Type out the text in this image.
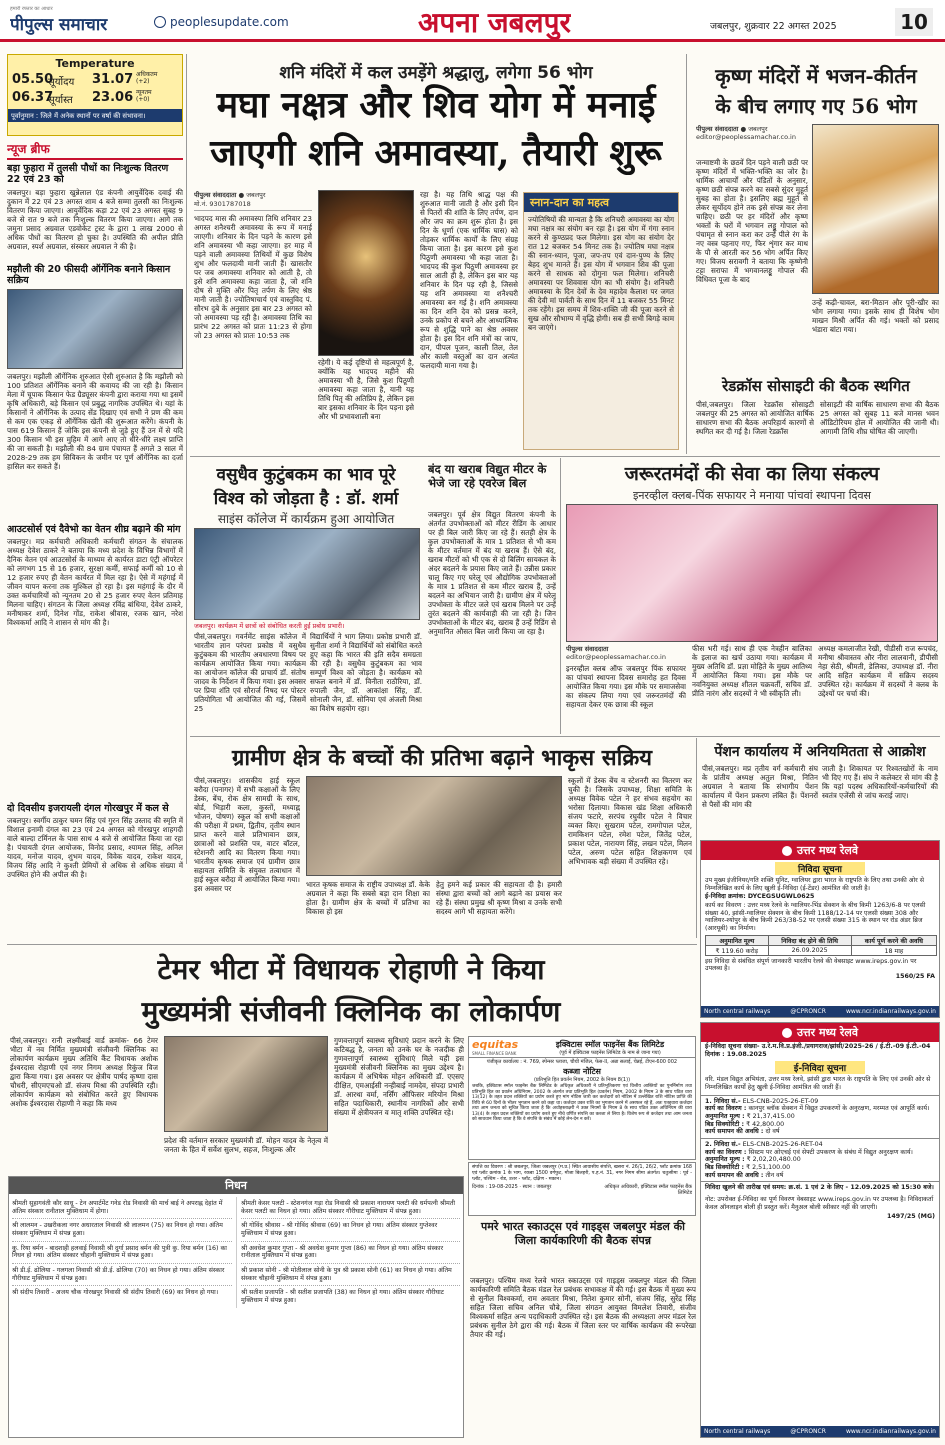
हमारी रफ्तार का आधार
पीपुल्स समाचार	peoplesupdate.com	अपना जबलपुर	जबलपुर, शुक्रवार 22 अगस्त 2025	10
Temperature
05.50
सूर्योदय	31.07 अधिकतम
(+2)
06.37
सूर्यास्त	23.06 न्यूनतम
(+0)
पूर्वानुमान : जिले में अनेक स्थानों पर वर्षा की संभावना।
न्यूज ब्रीफ
बड़ा फुहारा में तुलसी पौधों का निःशुल्क वितरण 22 एवं 23 को
जबलपुर। बड़ा फुहारा खुन्नेलाल एंड कंपनी आयुर्वेदिक दवाई की दुकान में 22 एवं 23 अगस्त शाम 4 बजे सम्मा तुलसी का निःशुल्क वितरण किया जाएगा। आयुर्वेदिक कड़ा 22 एवं 23 अगस्त सुबह 9 बजे से रात 9 बजे तक निःशुल्क वितरण किया जाएगा। आगे तक जमुना प्रसाद अग्रवाल एडवोकेट ट्रस्ट के द्वारा 1 लाख 2000 से अधिक पौधों का वितरण हो चुका है। उपस्थिति की अपील प्रीति अग्रवाल, स्पर्श अग्रवाल, संस्कार अग्रवाल ने की है।
मझौली की 20 फीसदी ऑर्गेनिक बनाने किसान सक्रिय
जबलपुर। मझौली ऑर्गेनिक शुरुआत ऐसी शुरुआत है कि मझौली को 100 प्रतिशत ऑर्गेनिक बनाने की कवायद की जा रही है। किसान मेला में चूपाक किसान फेड ग्रैड्यूसर कंपनी द्वारा कराया गया था इसमें कृषि अधिकारी, बड़े किसान एवं प्रबुद्ध नागरिक उपस्थित थे। यहां के किसानों ने ऑर्गेनिक के उत्पाद सेंड दिखाए एवं सभी ने प्रण की कम से कम एक एकड़ से ऑर्गेनिक खेती की शुरूआत करेंगे। कंपनी के पास 619 किसान हैं जोकि इस कंपनी से जुड़े हुए हैं उन में से यदि 300 किसान भी इस मुहिम में आगे आए तो धीरे-धीरे लक्ष्य प्राप्ति की जा सकती है। मझौली की 84 ग्राम पंचायत हैं अगले 3 साल में 2028-29 तक हम सिविकन के जमीन पर पूर्ण ऑर्गेनिक का दर्जा हासिल कर सकते हैं।
आउटसोर्स एवं दैवेभो का वेतन शीघ्र बढ़ाने की मांग
जबलपुर। मप्र कर्मचारी अधिकारी कर्मचारी संगठन के संचालक अध्यक्ष देवेश ठाकरे ने बताया कि मध्य प्रदेश के विभिन्न विभागों में दैनिक वेतन एवं आउटसोर्स के माध्यम से कार्यरत डाटा एंट्री ऑपरेटर को लगभग 15 से 16 हजार, सुरक्षा कर्मी, सफाई कर्मी को 10 से 12 हजार रुपए ही वेतन कार्यरत में मिल रहा है। ऐसे में महंगाई में जीवन यापन करना तक मुश्किल हो रहा है। इस महंगाई के दौर में उक्त कर्मचारियों को न्यूनतम 20 से 25 हजार रुपए वेतन प्रतिमाह मिलना चाहिए। संगठन के जिला अध्यक्ष रविंद्र बांधिया, देवेश ठाकरे, मनीषाकर शर्मा, दिनेश गोंड, राकेश श्रीवास, रजक खान, नरेश विश्वकर्मा आदि ने शासन से मांग की है।
दो दिवसीय इजरायली दंगल गोरखपुर में कल से
जबलपुर। स्वर्गीय ठाकुर चमन सिंह एवं गुरन सिंह उस्ताद की स्मृति में विशाल इनामी दंगल का 23 एवं 24 अगस्त को गोरखपुर शाहगदी वाले बाल्दा टर्मिनल के पास साथ 4 बजे से आयोजित किया जा रहा है। पंचायती दंगल आयोजक, विनोद प्रसाद, श्यामल सिंह, अनिल यादव, मनोज यादव, शुभम यादव, विवेक यादव, राकेश यादव, विजय सिंह आदि ने कुश्ती प्रेमियों से अधिक से अधिक संख्या में उपस्थित होने की अपील की है।
शनि मंदिरों में कल उमड़ेंगे श्रद्धालु, लगेगा 56 भोग
मघा नक्षत्र और शिव योग में मनाई
जाएगी शनि अमावस्या, तैयारी शुरू
पीपुल्स संवाददाता ● जबलपुर
मो.नं. 9301787018
भादपद मास की अमावस्या तिथि शनिवार 23 अगस्त शनैश्चरी अमावस्या के रूप में मनाई जाएगी। शनिवार के दिन पड़ने के कारण इसे शनि अमावस्या भी कहा जाएगा। हर माह में पड़ने वाली अमावस्या तिथियों में कुछ विशेष शुभ और फलदायी मानी जाती हैं। खासतौर पर जब अमावस्या शनिवार को आती है, तो इसे शनि अमावस्या कहा जाता है, जो शनि दोष से मुक्ति और पितृ तर्पण के लिए श्रेष्ठ मानी जाती है। ज्योतिषाचार्य एवं वास्तुविद पं. सौरभ दुबे के अनुसार इस बार 23 अगस्त को जो अमावस्या पड़ रही है। अमावस्या तिथि का प्रारंभ 22 अगस्त को प्रातः 11:23 से होगा जो 23 अगस्त को प्रातः 10:53 तक
रहेगी। ये कई दृष्टियों से महत्वपूर्ण है, क्योंकि यह भादपद महीने की अमावस्या भी है, जिसे कुश पिठूणी अमावस्या कहा जाता है, यानी यह तिथि पितृ की अतिप्रिय है, लेकिन इस बार इसका शनिवार के दिन पड़ना इसे और भी प्रभावशाली बना
रहा है। यह तिथि श्राद्ध पक्ष की शुरुआत मानी जाती है और इसी दिन से पितरों की शांति के लिए तर्पण, दान और जप का क्रम शुरू होता है। इस दिन के धूर्णा (एक धार्मिक घास) को तोड़कर धार्मिक कार्यों के लिए संग्रह किया जाता है। इस कारण इसे कुश पिठूणी अमावस्या भी कहा जाता है। भादपद की कुश पिठूणी अमावस्या हर साल आती ही है, लेकिन इस बार यह शनिवार के दिन पड़ रही है, जिससे यह शनि अमावस्या या शनैश्चरी अमावस्या बन गई है। शनि अमावस्या का दिन शनि देव को प्रसन्न करने, उनके प्रकोप से बचने और आध्यात्मिक रूप से शुद्धि पाने का श्रेष्ठ अवसर होता है। इस दिन शनि मंत्रों का जाप, दान, पीपल पूजन, काली तिल, तेल और काली वस्तुओं का दान अत्यंत फलदायी माना गया है।
स्नान-दान का महत्व
ज्योतिषियों की मान्यता है कि शनिचरी अमावस्या का योग मघा नक्षत्र का संयोग बन रहा है। इस योग में गंगा स्नान करने से कुण्ठप्रद फल मिलेगा। इस योग का संयोग देर रात 12 बजकर 54 मिनट तक है। ज्योतिष मघा नक्षत्र की स्नान-ध्यान, पूजा, जप-तप एवं दान-पुण्य के लिए बेहद शुभ मानते हैं। इस योग में भगवान शिव की पूजा करने से साधक को दोगुना फल मिलेगा। शनिचरी अमावस्या पर शिववास योग का भी संयोग है। शनिचरी अमावस्या के दिन देवों के देव महादेव कैलाश पर जगत की देवी मां पार्वती के साथ दिन में 11 बजकर 55 मिनट तक रहेंगे। इस समय में शिव-शक्ति जी की पूजा करने से सुख और सौभाग्य में वृद्धि होगी। सब ही सभी बिगड़े काम बन जाएंगे।
कृष्ण मंदिरों में भजन-कीर्तन
के बीच लगाए गए 56 भोग
पीपुल्स संवाददाता ● जबलपुर
editor@peoplessamachar.co.in
जन्माष्टमी के छठवें दिन पड़ने वाली छठी पर कृष्ण मंदिरों में भक्ति-भक्ति का जोर है। धार्मिक आचार्यों और पंडितों के अनुसार, कृष्ण छठी संपन्न करने का सबसे सुंदर मुहूर्त सुबह का होता है। इसलिए ब्रह्म मुहूर्त से लेकर सूर्योदय होने तक इसे संपन्न कर लेना चाहिए। छठी पर हर मंदिरों और कृष्ण भक्तों के घरों में भगवान लड्डू गोपाल को पंचामृत से स्नान करा कर उन्हें पीले रंग के नए वस्त्र पहनाए गए, फिर शृंगार कर माथ के पौ से आरती कर 56 भोग अर्पित किए गए। विजय सरावगी ने बताया कि कृष्णेनी टट्टा सराफा में भगवानलड्डू गोपाल की विधिवत पूजा के बाद
उन्हें कढ़ी-चावल, बरा-मिठान और पूरी-खीर का भोग लगाया गया। इसके साथ ही विशेष भोग माखन मिश्री अर्पित की गई। भक्तों को प्रसाद भंडारा बांटा गया।
रेडक्रॉस सोसाइटी की बैठक स्थगित
पीसं,जबलपुर। जिला रेडक्रॉस सोसाइटी जबलपुर की 25 अगस्त को आयोजित वार्षिक साधारण सभा की बैठक अपरिहार्य कारणों से स्थगित कर दी गई है। जिला रेडक्रॉस
सोसाइटी की वार्षिक साधारण सभा की बैठक 25 अगस्त को सुबह 11 बजे मानस भवन ऑडिटोरियम होल में आयोजित की जानी थी। आगामी तिथि शीघ्र घोषित की जाएगी।
वसुधैव कुटुंबकम का भाव पूरे
विश्व को जोड़ता है : डॉ. शर्मा
साइंस कॉलेज में कार्यक्रम हुआ आयोजित
जबलपुर। कार्यक्रम में छात्रों को संबोधित करती हुईं प्रबोध प्रभारी।
पीसं,जबलपुर। गवर्नमेंट साइंस कॉलेज में भारतीय ज्ञान परंपरा प्रकोष्ठ में वसुधैव कुटुंबकम की भारतीय अवधारणा विषय पर कार्यक्रम आयोजित किया गया। कार्यक्रम का आयोजन कॉलेज की प्राचार्य डॉ. संतोष जादव के निर्देशन में किया गया। इस अवसर पर प्रिया शंति एवं सौरार्ज निषद पर पोस्टर प्रतियोगिता भी आयोजित की गई, जिसमें 25
विद्यार्थियों ने भाग लिया। प्रकोष्ठ प्रभारी डॉ. सुनीता शर्मा ने विद्यार्थियों को संबोधित करते हुए कहा कि भारत की इति सदैव समग्रता की रही है। वसुधैव कुटुंबकम का भाव सम्पूर्ण विश्व को जोड़ता है। कार्यक्रम को सफल बनाने में डॉ. विनीता राठौरिया, डॉ. रुपाली जैन, डॉ. आकांक्षा सिंह, डॉ. सोनाली जैन, डॉ. सोनिया एवं अंजली मिश्रा का विशेष सहयोग रहा।
बंद या खराब विद्युत मीटर के भेजे जा रहे एवरेज बिल
जबलपुर। पूर्व क्षेत्र विद्युत वितरण कंपनी के अंतर्गत उपभोक्ताओं को मीटर रीडिंग के आधार पर ही बिल जारी किए जा रहे हैं। सतही क्षेत्र के कुल उपभोक्ताओं के मात्र 1 प्रतिशत से भी कम के मीटर वर्तमान में बंद या खराब हैं। ऐसे बंद, खराब मीटरों को भी एक से दो बिलिंग सायकल के अंदर बदलने के प्रयास किए जाते हैं। उन्नीस प्रकार चालू किए गए घरेलू एवं औद्योगिक उपभोक्ताओं के मात्र 1 प्रतिशत से कम मीटर खराब हैं, उन्हें बदलने का अभियान जारी है। ग्रामीण क्षेत्र में घरेलू उपभोक्ता के मीटर जले एवं खराब मिलने पर उन्हें तुरंत बदलने की कार्यवाही की जा रही है। जिन उपभोक्ताओं के मीटर बंद, खराब हैं उन्हें रिडिंग से अनुमानित औसत बिल जारी किया जा रहा है।
जरूरतमंदों की सेवा का लिया संकल्प
इनरव्हील क्लब-पिंक सफायर ने मनाया पांचवां स्थापना दिवस
पीपुल्स संवाददाता
editor@peoplessamachar.co.in
इनरव्हील क्लब ऑफ जबलपुर पिंक सफायर का पांचवां स्थापना दिवस समारोह हत दिवस आयोजित किया गया। इस मौके पर समाजसेवा का संकल्प लिया गया एवं जरूरतमंदों की सहायता देकर एक छात्रा की स्कूल
फीस भरी गई। साथ ही एक नेत्रहीन बालिका के इलाज का खर्च उठाया गया। कार्यक्रम में मुख्य अतिथि डॉ. प्रज्ञा मोहिते के मुख्य आतिथ्य में आयोजित किया गया। इस मौके पर नवनियुक्त अध्यक्ष शीतल चक्रवर्ती, सचिव डॉ. प्रीति नारंग और सदस्यों ने भी स्वीकृति ली।
अध्यक्ष कमलाजीत रेखी, पीडीसी राज रूपचंद, मनीषा श्रीवास्तव और नीरा लालवानी, डीपीसी नेहा सेठी, श्रीमती, डेलिका, उपाध्यक्ष डॉ. नीरा आदि सहित कार्यक्रम में सक्रिय सदस्य उपस्थित रहे। कार्यक्रम में सदस्यों ने क्लब के उद्देश्यों पर चर्चा की।
ग्रामीण क्षेत्र के बच्चों की प्रतिभा बढ़ाने भाकृस सक्रिय
पीसं,जबलपुर। शासकीय हाई स्कूल बरौदा (पनागर) में सभी कक्षाओं के लिए डेस्क, बेंच, रोक क्षेत्र सामग्री के साथ, बोर्ड, भिड़ारी कला, कुस्तों, मध्याह्न भोजन, पोषण) स्कूल को सभी कक्षाओं की परीक्षा में प्रथम, द्वितीय, तृतीय स्थान प्राप्त करने वाले प्रतिभावान छात्र, छात्राओं को प्रशस्ति पत्र, वाटर बॉटल, स्टेशनरी आदि का वितरण किया गया। भारतीय कृषक समाज एवं ग्रामीण छात्र सहायता समिति के संयुक्त तत्वाधान में हाई स्कूल बरौदा में आयोजित किया गया। इस अवसर पर	भारत कृषक समाज के राष्ट्रीय उपाध्यक्ष डॉ. केके अग्रवाल ने कहा कि सबसे बड़ा दान शिक्षा का होता है। ग्रामीण क्षेत्र के बच्चों में प्रतिभा का विकास हो इस
हेतु हमने कई प्रकार की सहायता दी है। हमारी संस्था द्वारा बच्चों को आगे बढ़ाने का प्रयास कर रहे हैं। संस्था प्रमुख श्री कृष्ण मिश्रा व उनके सभी सदस्य आगे भी सहायता करेंगे।
स्कूलों में डेस्क बेंच व स्टेशनरी का वितरण कर चुकी है। जिसके उपाध्यक्ष, शिक्षा समिति के अध्यक्ष विवेक पटेल ने हर संभव सहयोग का भरोसा दिलाया। विकास खंड शिक्षा अधिकारी संजय फटारे, सरपंच रघुवीर पटेल ने विचार व्यक्त किए। सुखराम पटेल, रामगोपाल पटेल, रामकिशन पटेल, रमेश पटेल, जितेंद्र पटेल, प्रकाश पटेल, नारायण सिंह, लखन पटेल, मिलन पटेल, अरुण पटेल सहित शिक्षकगण एवं अभिभावक बड़ी संख्या में उपस्थित रहे।
पेंशन कार्यालय में अनियमितता से आक्रोश
पीसं,जबलपुर। मप्र तृतीय वर्ग कर्मचारी संघ के प्रांतीय अध्यक्ष अतुल मिश्रा, नितिन अग्रवाल ने बताया कि संभागीय पेंशन कार्यालय में पेंशन प्रकरण लंबित हैं। पेंशनरों से पैसों की मांग की
जाती है। शिकायत पर रिश्वतखोरों के नाम भी दिए गए हैं। संघ ने कलेक्टर से मांग की है कि यहां पदस्थ अधिकारियों-कर्मचारियों की स्वतंत्र एजेंसी से जांच कराई जाए।
उत्तर मध्य रेलवे
निविदा सूचना
उप मुख्य इंजीनियर/गति शक्ति यूनिट, ग्वालियर द्वारा भारत के राष्ट्रपति के लिए तथा उनकी ओर से निम्नलिखित कार्य के लिए खुली ई-निविदा (ई-टेंडर) आमंत्रित की जाती है।
ई-निविदा क्रमांक: DYCEGSUGWL0625
कार्य का विवरण : उत्तर मध्य रेलवे के ग्वालियर-भिंड सेक्शन के बीच किमी 1263/6-8 पर एलसी संख्या 40, झांसी-ग्वालियर सेक्शन के बीच किमी 1188/12-14 पर एलसी संख्या 308 और ग्वालियर-श्योपुर के बीच किमी 263/38-52 पर एलसी संख्या 315 के स्थान पर रोड अंडर ब्रिज (आरयूबी) का निर्माण।
अनुमानित मूल्य	निविदा बंद होने की तिथि	कार्य पूर्ण करने की अवधि
₹ 119.60 करोड़	26.09.2025	18 माह
इस निविदा से संबंधित संपूर्ण जानकारी भारतीय रेलवे की वेबसाइट www.ireps.gov.in पर उपलब्ध है।
1560/25 FA
North central railways	@CPRONCR	www.ncr.indianrailways.gov.in
टेमर भीटा में विधायक रोहाणी ने किया
मुख्यमंत्री संजीवनी क्लिनिक का लोकार्पण
पीसं,जबलपुर। रानी लक्ष्मीबाई वार्ड क्रमांक- 66 टेमर भीटा में नव निर्मित मुख्यमंत्री संजीवनी क्लिनिक का लोकार्पण कार्यक्रम मुख्य अतिथि कैंट विधायक अशोक ईश्वरदास रोहाणी एवं नगर निगम अध्यक्ष रिकुंज विज द्वारा किया गया। इस अवसर पर क्षेत्रीय पार्षद कृष्णा दास चौधरी, सीएमएचओ डॉ. संजय मिश्रा की उपस्थिति रही। लोकार्पण कार्यक्रम को संबोधित करते हुए विधायक अशोक ईश्वरदास रोहाणी ने कहा कि मध्य
प्रदेश की वर्तमान सरकार मुख्यमंत्री डॉ. मोहन यादव के नेतृत्व में जनता के हित में सर्वेश सुलभ, सहज, निःशुल्क और
गुणवत्तापूर्ण स्वास्थ्य सुविधाएं प्रदान करने के लिए कटिबद्ध है, जनता को उनके घर के नजदीक ही गुणवत्तापूर्ण स्वास्थ्य सुविधाएं मिले यही इस मुख्यमंत्री संजीवनी क्लिनिक का मुख्य उद्देश्य है। कार्यक्रम में अभिषेक मोहन अधिकारी डॉ. एएसए दीक्षित, एमआईसी नन्हीबाई नामदेव, संपदा प्रभारी डॉ. आरथा वर्मा, नर्सिंग ऑफिसर मरियोन मिश्रा सहित पदाधिकारी, स्थानीय नागरिकों और सभी संख्या में क्षेत्रीयजन व मातृ शक्ति उपस्थित रहे।
निधन
श्रीमती सुहागवंती कौर साधू - टेन अपार्टमेंट गनेड रोड निवासी की मार्च बाई ने अपराह्न देहांत में अंतिम संस्कार रानीताल मुक्तिधाम में होगा।
श्री लालमन - उखरीकला नगर अधारताल निवासी श्री लालमन (75) का निधन हो गया। अंतिम संस्कार मुक्तिधाम में संपन्न हुआ।
कु. रिया बर्मन - बादशाही हलवाई निवासी श्री दुर्गा प्रसाद बर्मन की पुत्री कु. रिया बर्मन (16) का निधन हो गया। अंतिम संस्कार चौहानी मुक्तिधाम में संपन्न हुआ।
श्री डी.ई. ढोलिया - गलगला निवासी श्री डी.ई. ढोलिया (70) का निधन हो गया। अंतिम संस्कार गौरीघाट मुक्तिधाम में संपन्न हुआ।
श्री संदीप तिवारी - अजय चौक गोरखपुर निवासी श्री संदीप तिवारी (69) का निधन हो गया।
श्रीमती केसर पलटी - स्टेशनगंज गड़ा रोड निवासी श्री प्रकाश नारायण पलटी की धर्मपत्नी श्रीमती केसर पलटी का निधन हो गया। अंतिम संस्कार गौरीघाट मुक्तिधाम में संपन्न हुआ।
श्री गोविंद श्रीवास - श्री गोविंद श्रीवास (69) का निधन हो गया। अंतिम संस्कार गुप्तेश्वर मुक्तिधाम में संपन्न हुआ।
श्री अवधेश कुमार गुप्ता - श्री अवधेश कुमार गुप्ता (86) का निधन हो गया। अंतिम संस्कार रानीताल मुक्तिधाम में संपन्न हुआ।
श्री प्रकाश सोनी - श्री मोतीलाल सोनी के पुत्र श्री प्रकाश सोनी (61) का निधन हो गया। अंतिम संस्कार चौहानी मुक्तिधाम में संपन्न हुआ।
श्री सतीश प्रजापति - श्री सतीश प्रजापति (38) का निधन हो गया। अंतिम संस्कार गौरीघाट मुक्तिधाम में संपन्न हुआ।
equitas
SMALL FINANCE BANK
इक्विटास स्मॉल फाइनेंस बैंक लिमिटेड
(पूर्व में इक्विटास फाइनेंस लिमिटेड के नाम से जाना गया)
पंजीकृत कार्यालय : नं. 769, स्पेन्सर प्लाजा, चौथी मंजिल, फेस-II, अन्ना सलाई, चेन्नई, टीएन-600 002
कब्जा नोटिस
(प्रतिभूति हित प्रवर्तन नियम, 2002 के नियम 8(1))
जबकि, इक्विटास स्मॉल फाइनेंस बैंक लिमिटेड के अधिकृत अधिकारी ने प्रतिभूतिकरण एवं वित्तीय आस्तियों का पुनर्निर्माण तथा प्रतिभूति हित का प्रवर्तन अधिनियम, 2002 के अंतर्गत तथा प्रतिभूति हित (प्रवर्तन) नियम, 2002 के नियम 3 के साथ पठित धारा 13(12) के तहत प्रदत्त शक्तियों का प्रयोग करते हुए मांग नोटिस जारी कर कर्जदारों को नोटिस में उल्लेखित राशि नोटिस प्राप्ति की तिथि से 60 दिनों के भीतर भुगतान करने को कहा था। कर्जदार उक्त राशि का भुगतान करने में असफल रहे हैं, अतः एतद्द्वारा कर्जदार तथा आम जनता को सूचित किया जाता है कि अधोहस्ताक्षरी ने उक्त नियमों के नियम 8 के साथ पठित उक्त अधिनियम की धारा 13(4) के तहत प्रदत्त शक्तियों का प्रयोग करते हुए नीचे वर्णित संपत्ति का कब्जा ले लिया है। विशेष रूप से कर्जदार तथा आम जनता को सावधान किया जाता है कि वे संपत्ति के संबंध में कोई लेन-देन न करें।
संपत्ति का विवरण : श्री जबलपुर, जिला जबलपुर (म.प्र.) स्थित आवासीय संपत्ति, खसरा नं. 26/1, 26/2, प्लॉट क्रमांक 168 एवं प्लॉट क्रमांक 1 के भाग, रकबा 1500 वर्गफुट, मौजा बिलहरी, प.ह.नं. 31, नगर निगम सीमा अंतर्गत। चतुःसीमा : पूर्व - प्लॉट, पश्चिम - रोड, उत्तर - प्लॉट, दक्षिण - मकान।
दिनांक : 19-08-2025 · स्थान : जबलपुर	अधिकृत अधिकारी, इक्विटास स्मॉल फाइनेंस बैंक लिमिटेड
पमरे भारत स्काउट्स एवं गाइड्स जबलपुर मंडल की जिला कार्यकारिणी की बैठक संपन्न
जबलपुर। पश्चिम मध्य रेलवे भारत स्काउट्स एवं गाइड्स जबलपुर मंडल की जिला कार्यकारिणी समिति बैठक मंडल रेल प्रबंधक सभाकक्ष में की गई। इस बैठक में मुख्य रूप से सुनील विश्वकर्मा, राम अवतार मिश्रा, नितेश कुमार सोनी, संजय सिंह, सुरेंद्र सिंह सहित जिला सचिव अनिल चौबे, जिला संगठन आयुक्त विमलेश तिवारी, संजीव विश्वकर्मा सहित अन्य पदाधिकारी उपस्थित रहे। इस बैठक की अध्यक्षता अपर मंडल रेल प्रबंधक सुनील ठेगे द्वारा की गई। बैठक में जिला स्तर पर वार्षिक कार्यक्रम की रूपरेखा तैयार की गई।
उत्तर मध्य रेलवे
ई-निविदा सूचना संख्या- उ.रे.म.वि.प्र.इंजी./प्रयागराज/झांसी/2025-26 / ई.टी.-09 ई.टी.-04 दिनांक : 19.08.2025
ई-निविदा सूचना
वरि. मंडल विद्युत अभियंता, उत्तर मध्य रेलवे, झांसी द्वारा भारत के राष्ट्रपति के लिए एवं उनकी ओर से निम्नलिखित कार्यों हेतु खुली ई-निविदा आमंत्रित की जाती हैं।
1. निविदा सं.- ELS-CNB-2025-26-ET-09
कार्य का विवरण : कानपुर ब्लॉक सेक्शन में विद्युत उपकरणों के अनुरक्षण, मरम्मत एवं आपूर्ति कार्य।
अनुमानित मूल्य : ₹ 21,37,415.00
बिड सिक्योरिटी : ₹ 42,800.00
कार्य समापन की अवधि : दो वर्ष
2. निविदा सं.- ELS-CNB-2025-26-RET-04
कार्य का विवरण : सिस्टम पर ओएचई एवं सेफ्टी उपकरण के संबंध में विद्युत अनुरक्षण कार्य।
अनुमानित मूल्य : ₹ 2,02,20,480.00
बिड सिक्योरिटी : ₹ 2,51,100.00
कार्य समापन की अवधि : तीन वर्ष
निविदा खुलने की तारीख एवं समय: क्र.सं. 1 एवं 2 के लिए - 12.09.2025 को 15:30 बजे।
नोट: उपरोक्त ई-निविदा का पूर्ण विवरण वेबसाइट www.ireps.gov.in पर उपलब्ध है। निविदाकर्ता केवल ऑनलाइन बोली ही प्रस्तुत करें। मैनुअल बोली स्वीकार नहीं की जाएगी।
1497/25 (MG)
North central railways	@CPRONCR	www.ncr.indianrailways.gov.in
